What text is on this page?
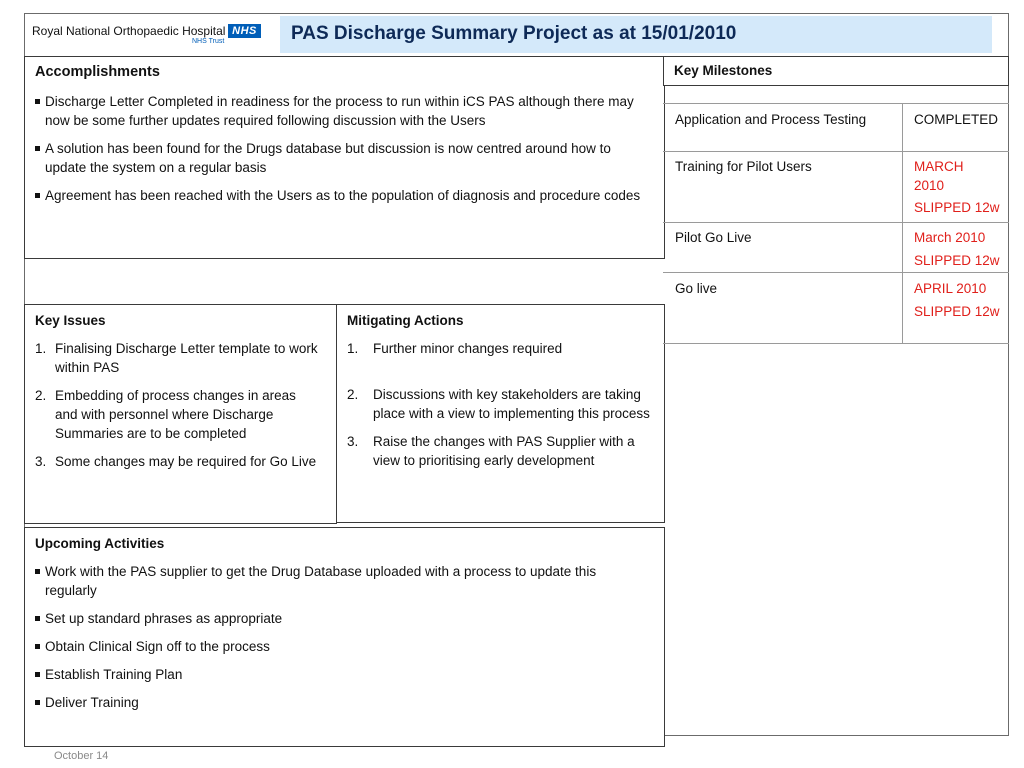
Royal National Orthopaedic Hospital NHS
NHS Trust	PAS Discharge Summary Project as at 15/01/2010
Accomplishments
Discharge Letter Completed in readiness for the process to run within iCS PAS although there may now be some further updates required following discussion with the Users
A solution has been found for the Drugs database but discussion is now centred around how to update the system on a regular basis
Agreement has been reached with the Users as to the population of diagnosis and procedure codes
Key Issues
1. Finalising Discharge Letter template to work within PAS
2. Embedding of process changes in areas and with personnel where Discharge Summaries are to be completed
3. Some changes may be required for Go Live
Mitigating Actions
1. Further minor changes required
2. Discussions with key stakeholders are taking place with a view to implementing this process
3. Raise the changes with PAS Supplier with a view to prioritising early development
Upcoming Activities
Work with the PAS supplier to get the Drug Database uploaded with a process to update this regularly
Set up standard phrases as appropriate
Obtain Clinical Sign off to the process
Establish Training Plan
Deliver Training
Key Milestones
Application and Process Testing	COMPLETED
Training for Pilot Users	MARCH 2010
SLIPPED 12w
Pilot Go Live	March 2010
SLIPPED 12w
Go live	APRIL 2010
SLIPPED 12w
October 14
